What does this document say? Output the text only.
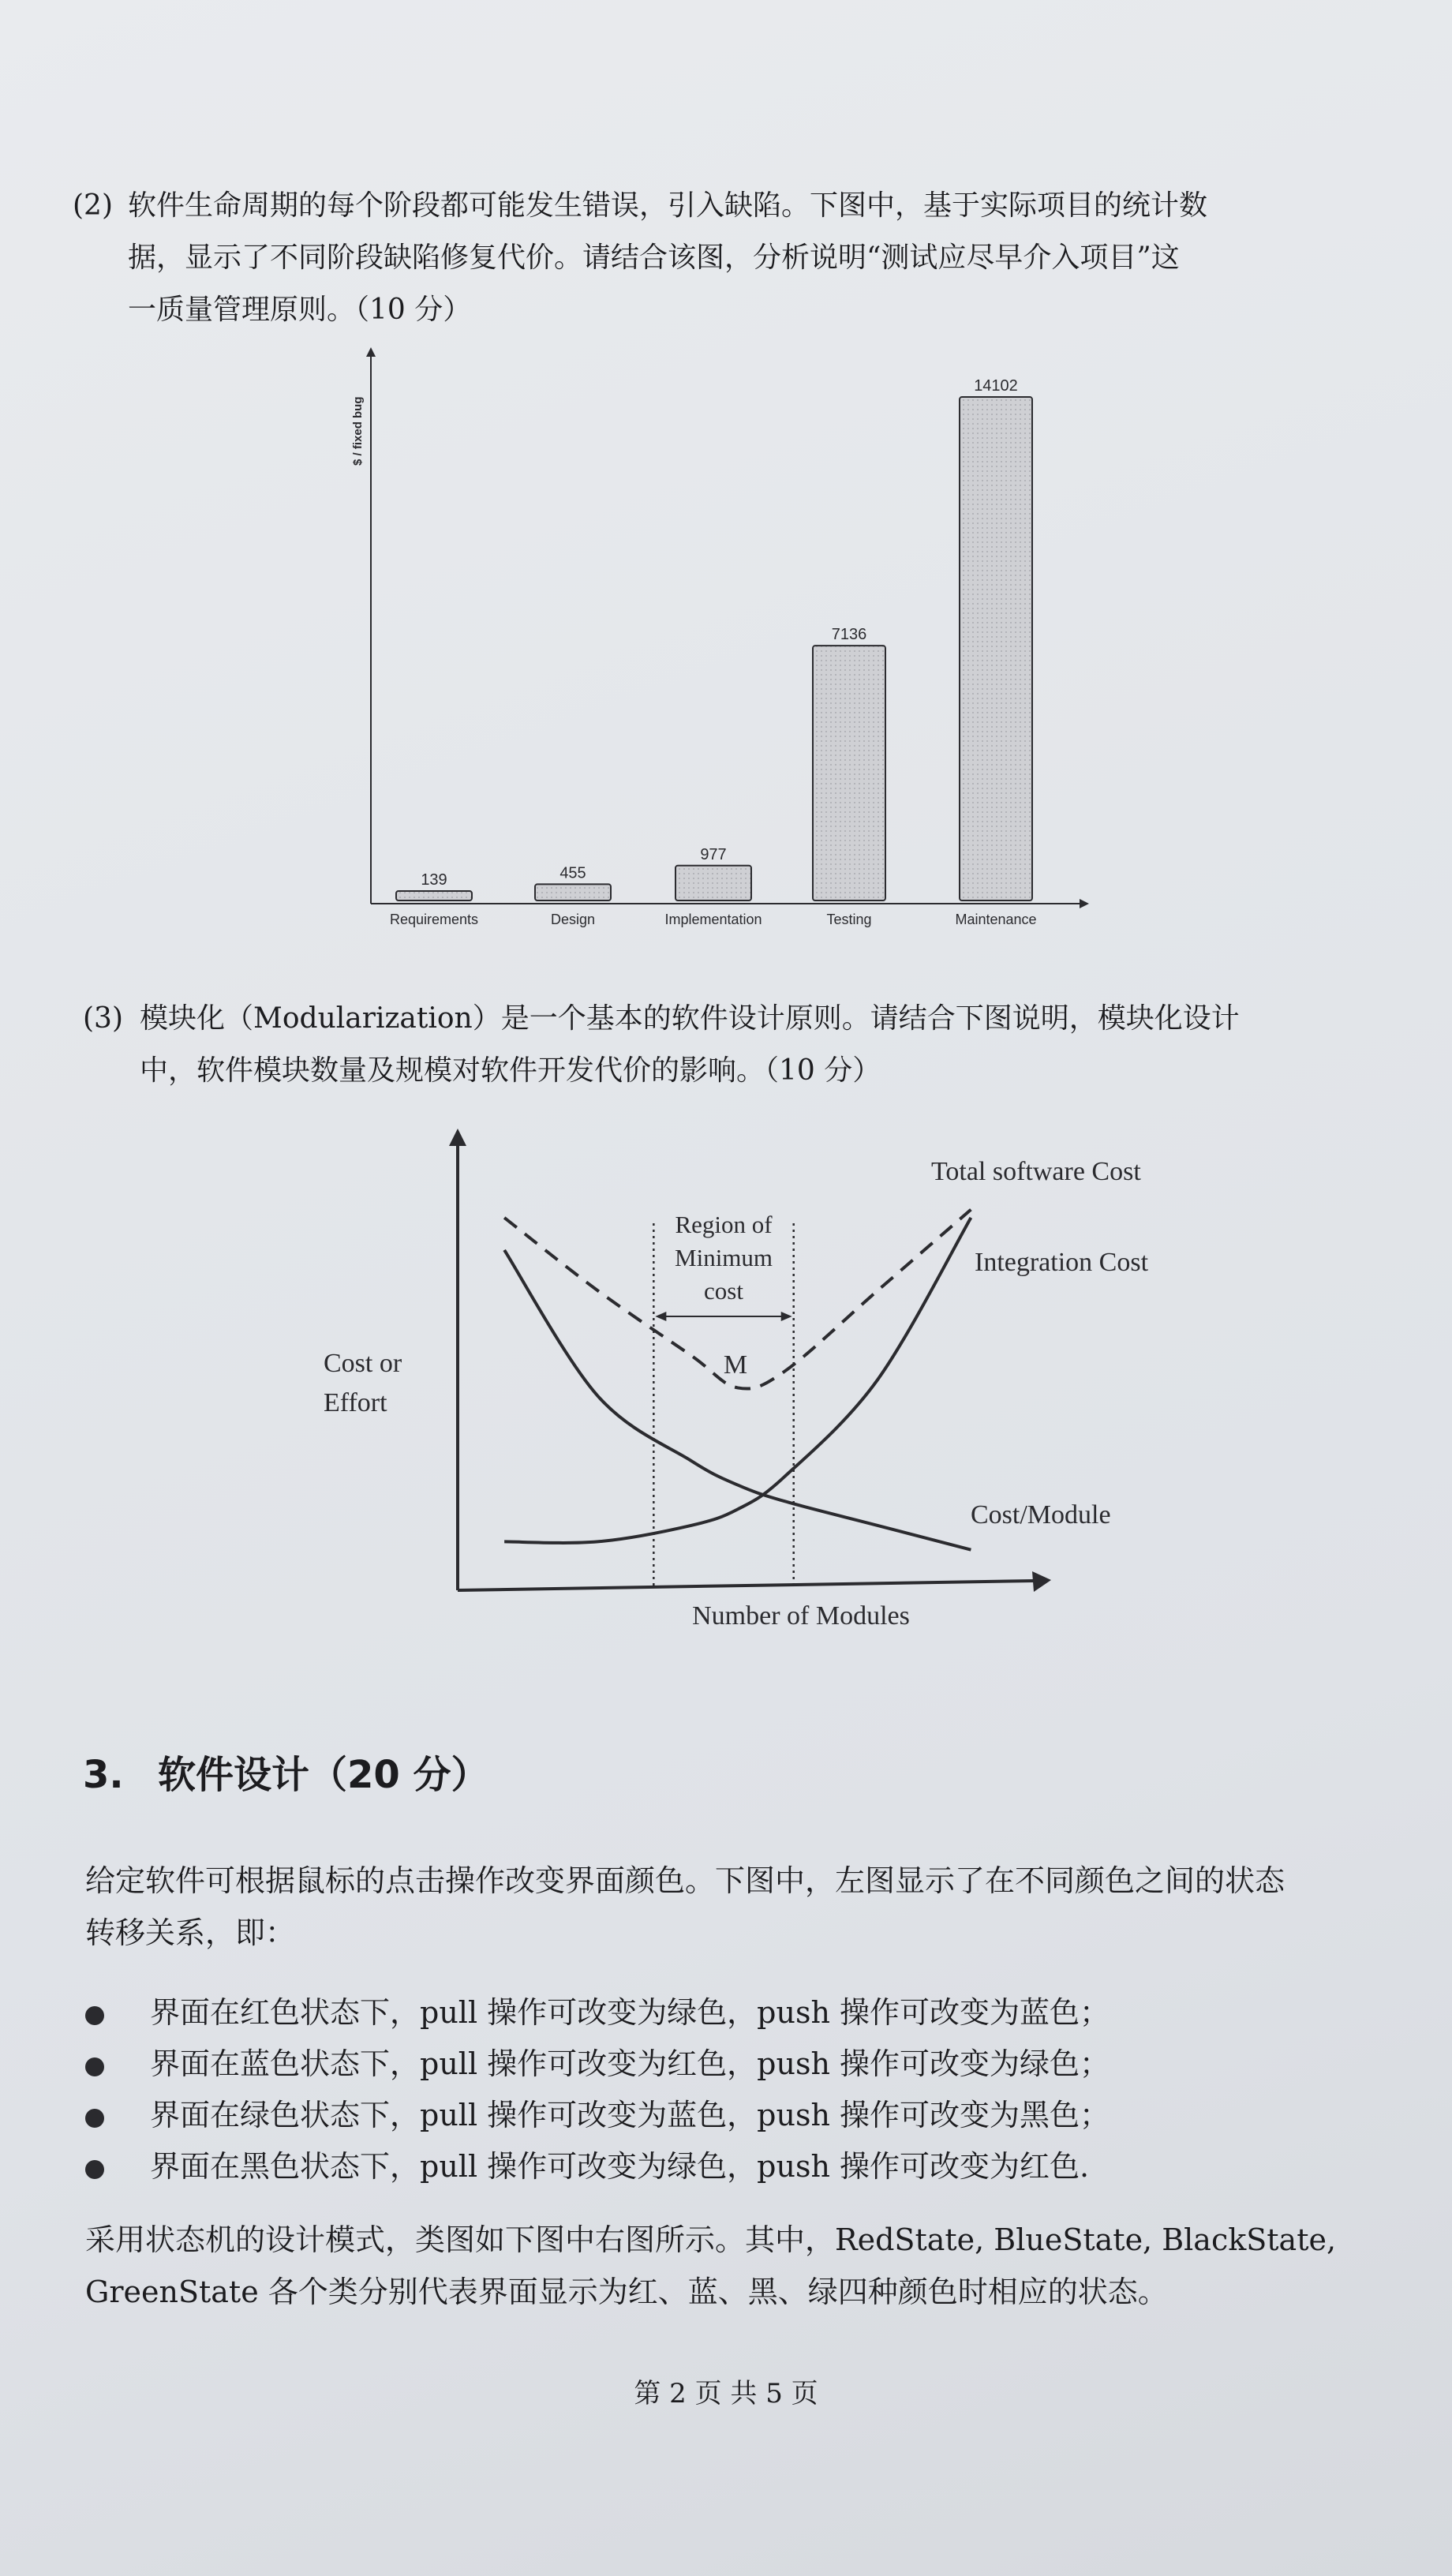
(2) 软件生命周期的每个阶段都可能发生错误，引入缺陷。下图中，基于实际项目的统计数
据，显示了不同阶段缺陷修复代价。请结合该图，分析说明“测试应尽早介入项目”这
一质量管理原则。（10 分）
$ / fixed bug
139
Requirements
455
Design
977
Implementation
7136
Testing
14102
Maintenance
(3) 模块化（Modularization）是一个基本的软件设计原则。请结合下图说明，模块化设计
中，软件模块数量及规模对软件开发代价的影响。（10 分）
Cost or
Effort
Number of Modules
Region of
Minimum
cost
M
Total software Cost
Integration Cost
Cost/Module
3. 软件设计（20 分）
给定软件可根据鼠标的点击操作改变界面颜色。下图中，左图显示了在不同颜色之间的状态
转移关系，即：
界面在红色状态下，pull 操作可改变为绿色，push 操作可改变为蓝色；
界面在蓝色状态下，pull 操作可改变为红色，push 操作可改变为绿色；
界面在绿色状态下，pull 操作可改变为蓝色，push 操作可改变为黑色；
界面在黑色状态下，pull 操作可改变为绿色，push 操作可改变为红色.
采用状态机的设计模式，类图如下图中右图所示。其中，RedState, BlueState, BlackState,
GreenState 各个类分别代表界面显示为红、蓝、黑、绿四种颜色时相应的状态。

第 2 页 共 5 页
